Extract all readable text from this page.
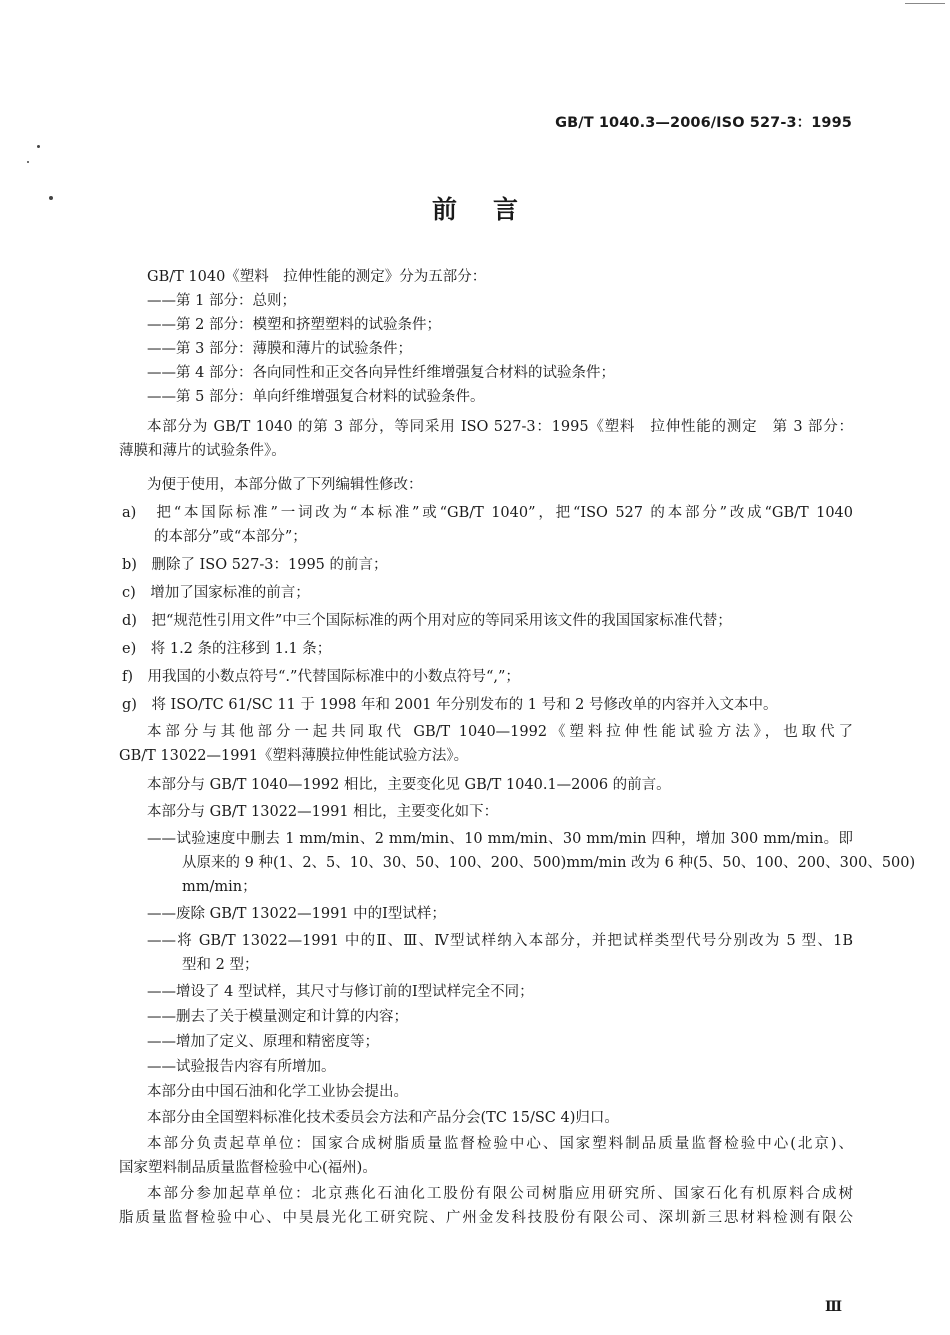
GB/T 1040.3—2006/ISO 527-3：1995
前言
GB/T 1040《塑料　拉伸性能的测定》分为五部分：
——第 1 部分：总则；
——第 2 部分：模塑和挤塑塑料的试验条件；
——第 3 部分：薄膜和薄片的试验条件；
——第 4 部分：各向同性和正交各向异性纤维增强复合材料的试验条件；
——第 5 部分：单向纤维增强复合材料的试验条件。
本部分为 GB/T 1040 的第 3 部分，等同采用 ISO 527-3：1995《塑料　拉伸性能的测定　第 3 部分：
薄膜和薄片的试验条件》。
为便于使用，本部分做了下列编辑性修改：
a)　把“本国际标准”一词改为“本标准”或“GB/T 1040”，把“ISO 527 的本部分”改成“GB/T 1040
的本部分”或“本部分”；
b)　删除了 ISO 527-3：1995 的前言；
c)　增加了国家标准的前言；
d)　把“规范性引用文件”中三个国际标准的两个用对应的等同采用该文件的我国国家标准代替；
e)　将 1.2 条的注移到 1.1 条；
f)　用我国的小数点符号“.”代替国际标准中的小数点符号“,”；
g)　将 ISO/TC 61/SC 11 于 1998 年和 2001 年分别发布的 1 号和 2 号修改单的内容并入文本中。
本部分与其他部分一起共同取代 GB/T 1040—1992《塑料拉伸性能试验方法》，也取代了
GB/T 13022—1991《塑料薄膜拉伸性能试验方法》。
本部分与 GB/T 1040—1992 相比，主要变化见 GB/T 1040.1—2006 的前言。
本部分与 GB/T 13022—1991 相比，主要变化如下：
——试验速度中删去 1 mm/min、2 mm/min、10 mm/min、30 mm/min 四种，增加 300 mm/min。即
从原来的 9 种(1、2、5、10、30、50、100、200、500)mm/min 改为 6 种(5、50、100、200、300、500)
mm/min；
——废除 GB/T 13022—1991 中的Ⅰ型试样；
——将 GB/T 13022—1991 中的Ⅱ、Ⅲ、Ⅳ型试样纳入本部分，并把试样类型代号分别改为 5 型、1B
型和 2 型；
——增设了 4 型试样，其尺寸与修订前的Ⅰ型试样完全不同；
——删去了关于模量测定和计算的内容；
——增加了定义、原理和精密度等；
——试验报告内容有所增加。
本部分由中国石油和化学工业协会提出。
本部分由全国塑料标准化技术委员会方法和产品分会(TC 15/SC 4)归口。
本部分负责起草单位：国家合成树脂质量监督检验中心、国家塑料制品质量监督检验中心(北京)、
国家塑料制品质量监督检验中心(福州)。
本部分参加起草单位：北京燕化石油化工股份有限公司树脂应用研究所、国家石化有机原料合成树
脂质量监督检验中心、中昊晨光化工研究院、广州金发科技股份有限公司、深圳新三思材料检测有限公
Ⅲ
